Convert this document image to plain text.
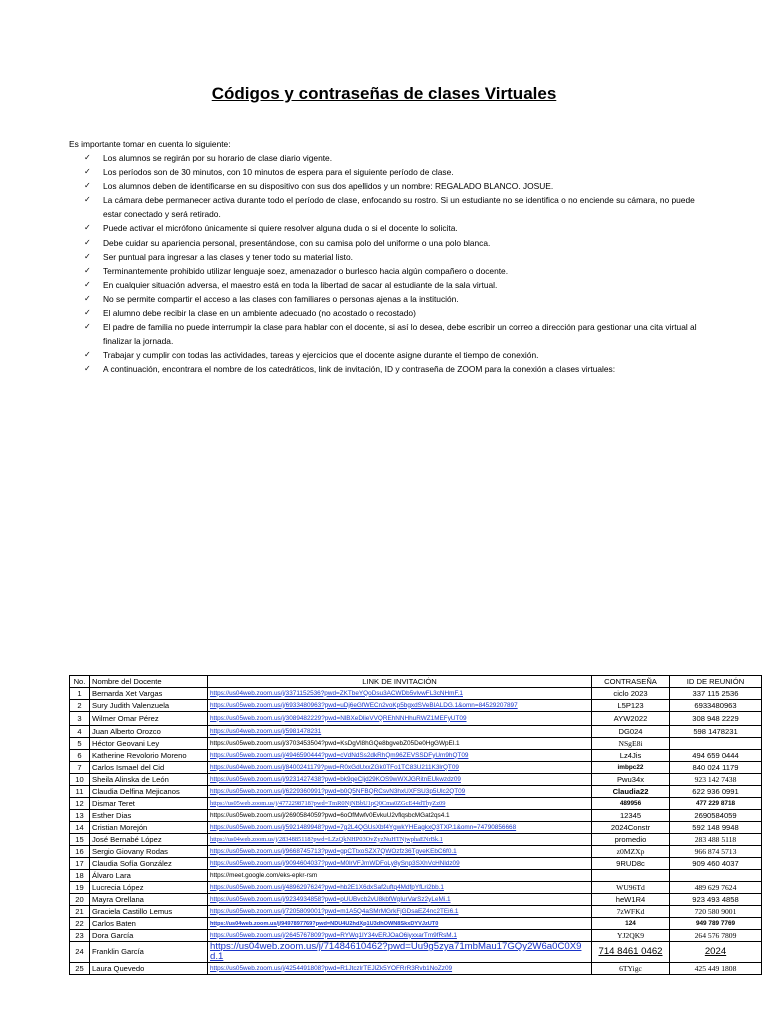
Códigos y contraseñas de clases Virtuales
Es importante tomar en cuenta lo siguiente:
✓ Los alumnos se regirán por su horario de clase diario vigente.
✓ Los períodos son de 30 minutos, con 10 minutos de espera para el siguiente período de clase.
✓ Los alumnos deben de identificarse en su dispositivo con sus dos apellidos y un nombre: REGALADO BLANCO. JOSUE.
✓ La cámara debe permanecer activa durante todo el período de clase, enfocando su rostro. Si un estudiante no se identifica o no enciende su cámara, no puede estar conectado y será retirado.
✓ Puede activar el micrófono únicamente si quiere resolver alguna duda o si el docente lo solicita.
✓ Debe cuidar su apariencia personal, presentándose, con su camisa polo del uniforme o una polo blanca.
✓ Ser puntual para ingresar a las clases y tener todo su material listo.
✓ Terminantemente prohibido utilizar lenguaje soez, amenazador o burlesco hacia algún compañero o docente.
✓ En cualquier situación adversa, el maestro está en toda la libertad de sacar al estudiante de la sala virtual.
✓ No se permite compartir el acceso a las clases con familiares o personas ajenas a la institución.
✓ El alumno debe recibir la clase en un ambiente adecuado (no acostado o recostado)
✓ El padre de familia no puede interrumpir la clase para hablar con el docente, si así lo desea, debe escribir un correo a dirección para gestionar una cita virtual al finalizar la jornada.
✓ Trabajar y cumplir con todas las actividades, tareas y ejercicios que el docente asigne durante el tiempo de conexión.
✓ A continuación, encontrara el nombre de los catedráticos, link de invitación, ID y contraseña de ZOOM para la conexión a clases virtuales:
No.	Nombre del Docente	LINK DE INVITACIÓN	CONTRASEÑA	ID DE REUNIÓN
1	Bernarda Xet Vargas	https://us04web.zoom.us/j/3371152536?pwd=ZKTbeYQoDsu3ACWDb5vlvwFL3cNHmF.1	ciclo 2023	337 115 2536
2	Sury Judith Valenzuela	https://us05web.zoom.us/j/6933480963?pwd=uDj6eGfWECn2voKp5bgxdSVeBIALDG.1&omn=84529207897	L5P123	6933480963
3	Wilmer Omar Pérez	https://us05web.zoom.us/j/3089482229?pwd=NlBXeDlieVVQREhNNHhuRWZ1MEFyUT09	AYW2022	308 948 2229
4	Juan Alberto Orozco	https://us04web.zoom.us/j/5981478231	DG024	598 1478231
5	Héctor Geovani Ley	https://us05web.zoom.us/j/3703453504?pwd=KsDgVl8hGQe8bgvebZ05De0HgGWpEl.1	NSgE8i	
6	Katherine Revolorio Moreno	https://us05web.zoom.us/j/4946590444?pwd=cVdNdSs2dkRhQm96ZEVSSDFyUm9hQT09	Lz4Jis	494 659 0444
7	Carlos Ismael del Cid	https://us04web.zoom.us/j/8400241179?pwd=R0xGdUxxZGk0TFo1TC83U211K3lrQT09	imbpc22	840 024 1179
10	Sheila Alinska de León	https://us05web.zoom.us/j/9231427438?pwd=bk9qeCljd29KOS9wWXJGRitnEUkwzdz09	Pwu34x	923 142 7438
11	Claudia Delfina Mejicanos	https://us05web.zoom.us/j/6229360991?pwd=b0Q5NFBQRCsvN3hxUXFSU3p5Ulc2QT09	Claudia22	622 936 0991
12	Dismar Teret	https://us05web.zoom.us/j/4772298718?pwd=TmR0NjNBbU1pQ0Cma0ZGcE44dThyZz09	489956	477 229 8718
13	Esther Dias	https://us05web.zoom.us/j/2690584059?pwd=6oOfMwfv0EvkuU2vflqsbcMGat2qs4.1	12345	2690584059
14	Cristian Morejón	https://us05web.zoom.us/j/5921489948?pwd=7g2L4QGUsXbf4YgwkYHEagkxQ3TXP.1&omn=74790856668	2024Constr	592 148 9948
15	José Bernabé López	https://us04web.zoom.us/j/2834885118?pwd=LZzQkNHP03OvZyzNuHTNjwphaENrBk.1	promedio	283 488 5118
16	Sergio Giovany Rodas	https://us05web.zoom.us/j/9668745713?pwd=gpCTtxoSZX7QWOzfz36TgveKEbC6f0.1	z0MZXp	966 874 5713
17	Claudia Sofía González	https://us05web.zoom.us/j/9094604037?pwd=M0lrVFJmWDFoLy8ySnp3SXhVcHNldz09	9RUD8c	909 460 4037
18	Álvaro Lara	https://meet.google.com/eks-epkr-rsm		
19	Lucrecia López	https://us05web.zoom.us/j/4896297624?pwd=hb2E1X6dxSaf2uftq4MdfpYfLri2bb.1	WU96Td	489 629 7624
20	Mayra Orellana	https://us05web.zoom.us/j/9234934858?pwd=pUUBvcb2vU8kbfWgIurVarSz2yLeMi.1	heW1R4	923 493 4858
21	Graciela Castillo Lemus	https://us05web.zoom.us/j/7205809001?pwd=m1A5Q4aSMrMGrkFjGDsaEZ4nc2TEi6.1	7zWFKd	720 580 9001
22	Carlos Baten	https://us04web.zoom.us/j/9497897769?pwd=NDU4U2hdXp1U3dhOWN8SkxDYVJzUT0	124	949 789 7769
23	Dora García	https://us05web.zoom.us/j/2645767809?pwd=RYWq1lY34vERJOaO6iyxxarTm9fRsM.1	YJ2QK9	264 576 7809
24	Franklin García	https://us04web.zoom.us/j/71484610462?pwd=Uu9g5zya71mbMau17GQy2W6a0C0X9d.1	714 8461 0462	2024
25	Laura Quevedo	https://us05web.zoom.us/j/4254491808?pwd=R1JtczlrTEJlZk5YOFRrR3Rvb1NoZz09	6TYigc	425 449 1808
